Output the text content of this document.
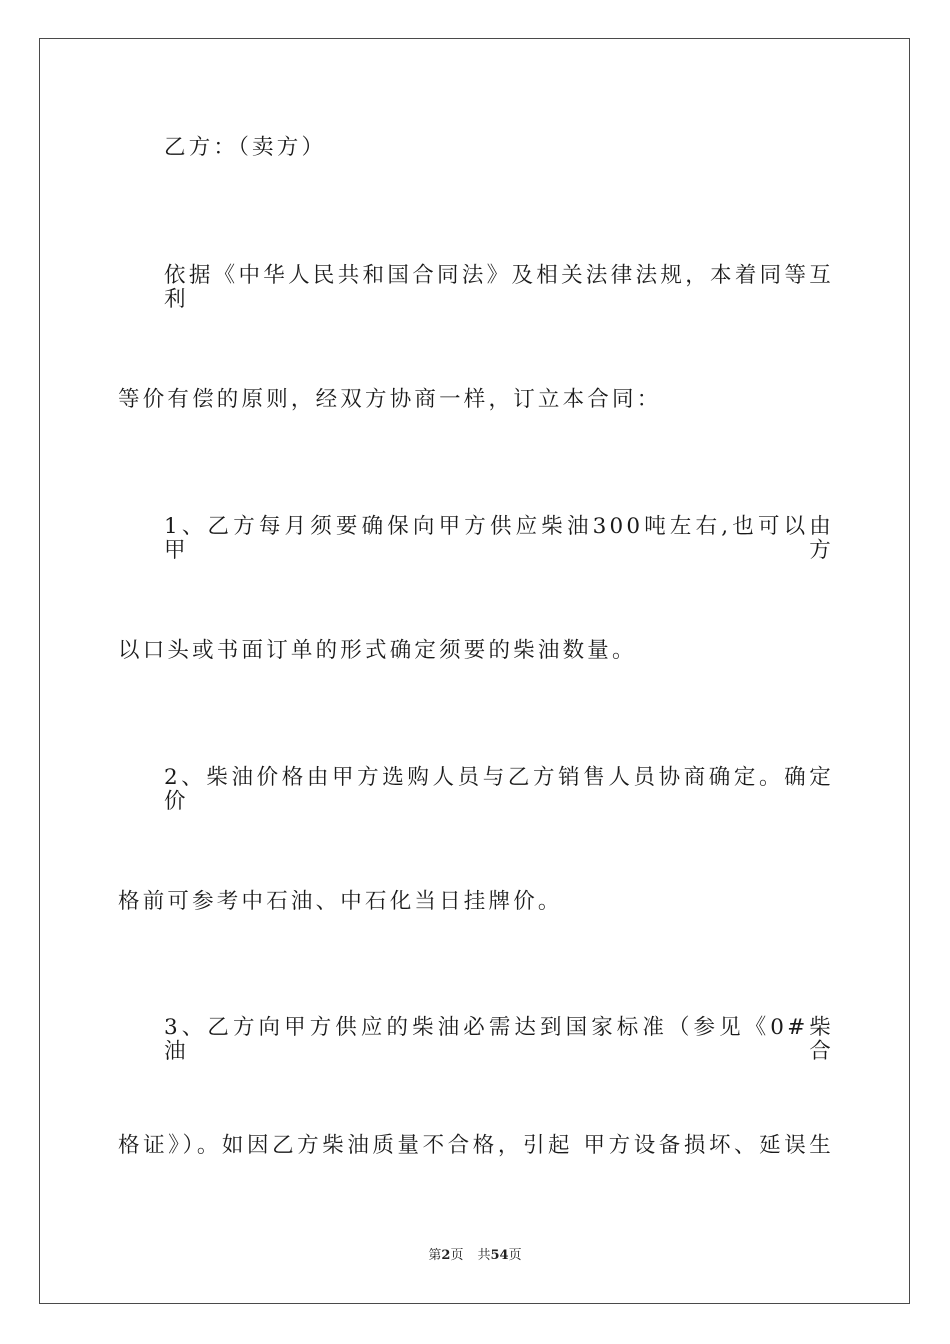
乙方：（卖方）

依据《中华人民共和国合同法》及相关法律法规，本着同等互利

等价有偿的原则，经双方协商一样，订立本合同：

1、乙方每月须要确保向甲方供应柴油300吨左右,也可以由甲方

以口头或书面订单的形式确定须要的柴油数量。

2、柴油价格由甲方选购人员与乙方销售人员协商确定。确定价

格前可参考中石油、中石化当日挂牌价。

3、乙方向甲方供应的柴油必需达到国家标准（参见《0#柴油合

格证》）。如因乙方柴油质量不合格，引起 甲方设备损坏、延误生

第2页 共54页
